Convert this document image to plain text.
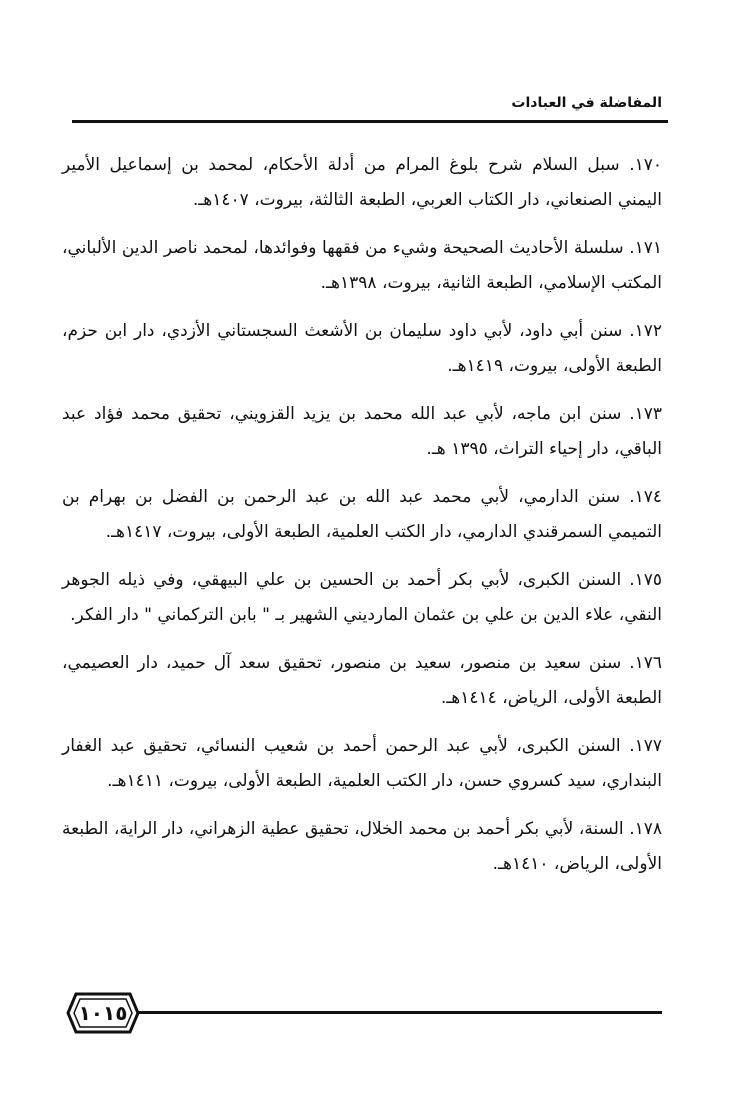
المفاضلة في العبادات
١٧٠. سبل السلام شرح بلوغ المرام من أدلة الأحكام، لمحمد بن إسماعيل الأمير اليمني الصنعاني، دار الكتاب العربي، الطبعة الثالثة، بيروت، ١٤٠٧هـ.
١٧١. سلسلة الأحاديث الصحيحة وشيء من فقهها وفوائدها، لمحمد ناصر الدين الألباني، المكتب الإسلامي، الطبعة الثانية، بيروت، ١٣٩٨هـ.
١٧٢. سنن أبي داود، لأبي داود سليمان بن الأشعث السجستاني الأزدي، دار ابن حزم، الطبعة الأولى، بيروت، ١٤١٩هـ.
١٧٣. سنن ابن ماجه، لأبي عبد الله محمد بن يزيد القزويني، تحقيق محمد فؤاد عبد الباقي، دار إحياء التراث، ١٣٩٥ هـ.
١٧٤. سنن الدارمي، لأبي محمد عبد الله بن عبد الرحمن بن الفضل بن بهرام بن التميمي السمرقندي الدارمي، دار الكتب العلمية، الطبعة الأولى، بيروت، ١٤١٧هـ.
١٧٥. السنن الكبرى، لأبي بكر أحمد بن الحسين بن علي البيهقي، وفي ذيله الجوهر النقي، علاء الدين بن علي بن عثمان المارديني الشهير بـ " بابن التركماني " دار الفكر.
١٧٦. سنن سعيد بن منصور، سعيد بن منصور، تحقيق سعد آل حميد، دار العصيمي، الطبعة الأولى، الرياض، ١٤١٤هـ.
١٧٧. السنن الكبرى، لأبي عبد الرحمن أحمد بن شعيب النسائي، تحقيق عبد الغفار البنداري، سيد كسروي حسن، دار الكتب العلمية، الطبعة الأولى، بيروت، ١٤١١هـ.
١٧٨. السنة، لأبي بكر أحمد بن محمد الخلال، تحقيق عطية الزهراني، دار الراية، الطبعة الأولى، الرياض، ١٤١٠هـ.
١٠١٥
